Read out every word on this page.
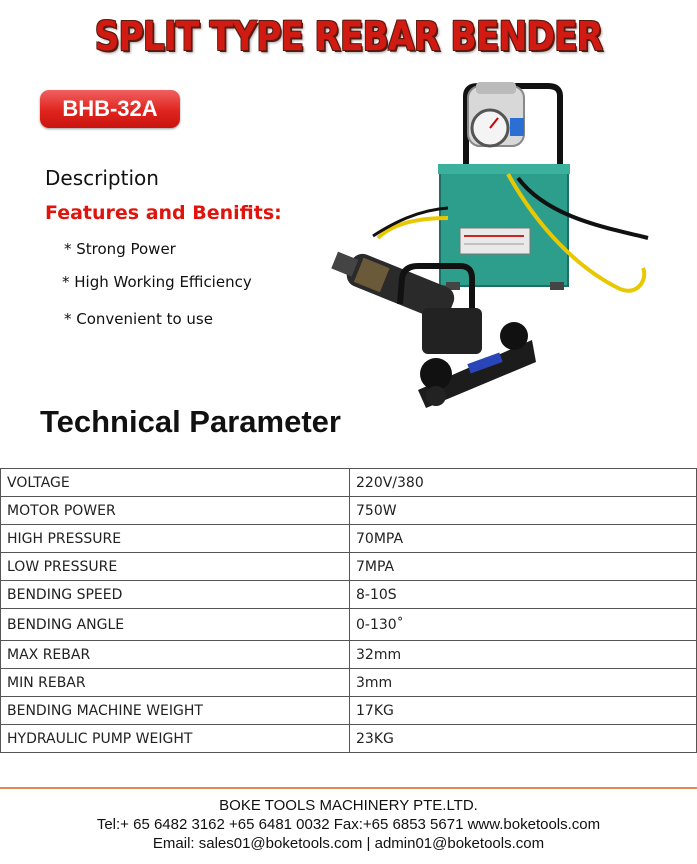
SPLIT TYPE REBAR BENDER
BHB-32A
Description
Features and Benifits:
* Strong Power
* High Working Efficiency
* Convenient to use
Technical Parameter
VOLTAGE	220V/380
MOTOR POWER	750W
HIGH PRESSURE	70MPA
LOW PRESSURE	7MPA
BENDING SPEED	8-10S
BENDING ANGLE	0-130˚
MAX REBAR	32mm
MIN REBAR	3mm
BENDING MACHINE WEIGHT	17KG
HYDRAULIC PUMP WEIGHT	23KG
BOKE TOOLS MACHINERY PTE.LTD.
Tel:+ 65 6482 3162 +65 6481 0032 Fax:+65 6853 5671 www.boketools.com
Email: sales01@boketools.com | admin01@boketools.com
